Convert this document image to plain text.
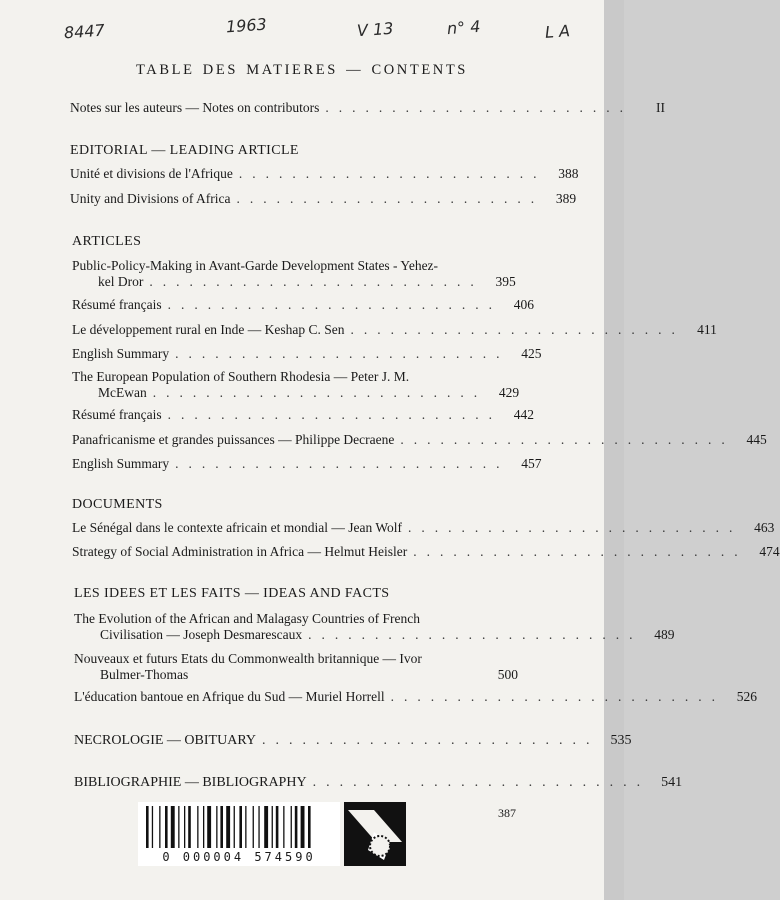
8447	1963	V 13	n° 4	L A
TABLE DES MATIERES — CONTENTS
Notes sur les auteurs — Notes on contributors .......................	II
EDITORIAL — LEADING ARTICLE
Unité et divisions de l'Afrique ....................... 388
Unity and Divisions of Africa ....................... 389
ARTICLES
Public-Policy-Making in Avant-Garde Development States - Yehez-
kel Dror ......................... 395
Résumé français ......................... 406
Le développement rural en Inde — Keshap C. Sen ......................... 411
English Summary ......................... 425
The European Population of Southern Rhodesia — Peter J. M.
McEwan ......................... 429
Résumé français ......................... 442
Panafricanisme et grandes puissances — Philippe Decraene ......................... 445
English Summary ......................... 457
DOCUMENTS
Le Sénégal dans le contexte africain et mondial — Jean Wolf ......................... 463
Strategy of Social Administration in Africa — Helmut Heisler ......................... 474
LES IDEES ET LES FAITS — IDEAS AND FACTS
The Evolution of the African and Malagasy Countries of French
Civilisation — Joseph Desmarescaux ......................... 489
Nouveaux et futurs Etats du Commonwealth britannique — Ivor
Bulmer-Thomas
	500
L'éducation bantoue en Afrique du Sud — Muriel Horrell ......................... 526
NECROLOGIE — OBITUARY ......................... 535
BIBLIOGRAPHIE — BIBLIOGRAPHY ......................... 541
387
0 000004 574590
